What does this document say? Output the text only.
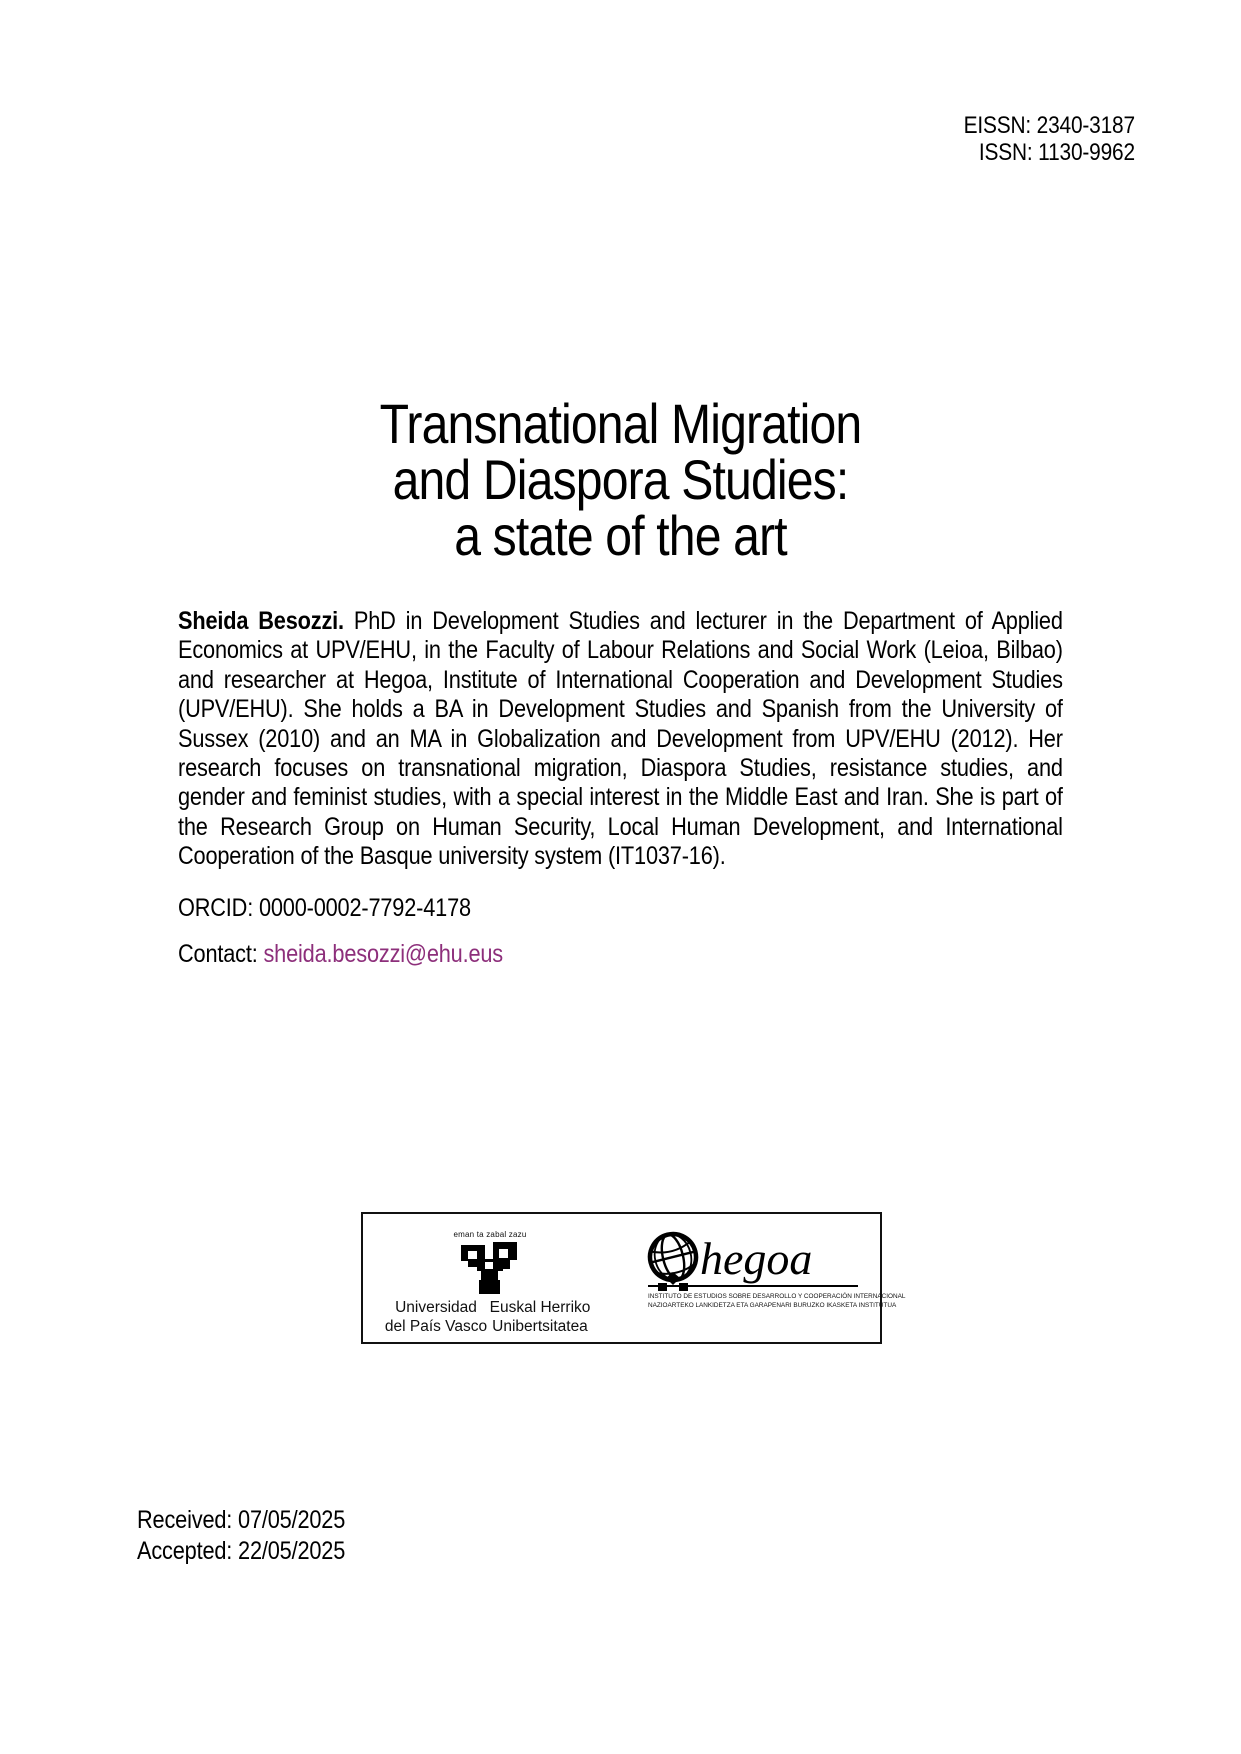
EISSN: 2340-3187
ISSN: 1130-9962
Transnational Migration
and Diaspora Studies:
a state of the art

Sheida Besozzi. PhD in Development Studies and lecturer in the Department of Applied Economics at UPV/EHU, in the Faculty of Labour Relations and Social Work (Leioa, Bilbao) and researcher at Hegoa, Institute of International Cooperation and Development Studies (UPV/EHU). She holds a BA in Development Studies and Spanish from the University of Sussex (2010) and an MA in Globalization and Development from UPV/EHU (2012). Her research focuses on transnational migration, Diaspora Studies, resistance studies, and gender and feminist studies, with a special interest in the Middle East and Iran. She is part of the Research Group on Human Security, Local Human Development, and International Cooperation of the Basque university system (IT1037-16).

ORCID: 0000-0002-7792-4178
Contact: sheida.besozzi@ehu.eus
eman ta zabal zazu
Universidad
del País Vasco
Euskal Herriko
Unibertsitatea
hegoa
INSTITUTO DE ESTUDIOS SOBRE DESARROLLO Y COOPERACIÓN INTERNACIONAL
NAZIOARTEKO LANKIDETZA ETA GARAPENARI BURUZKO IKASKETA INSTITUTUA
Received: 07/05/2025
Accepted: 22/05/2025
